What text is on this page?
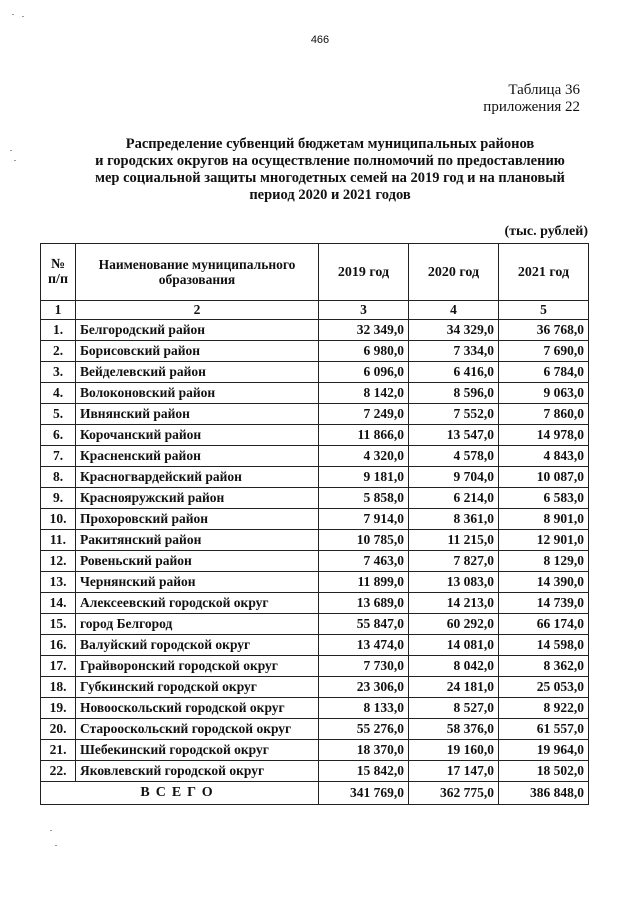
466
Таблица 36
приложения 22
Распределение субвенций бюджетам муниципальных районов
и городских округов на осуществление полномочий по предоставлению
мер социальной защиты многодетных семей на 2019 год и на плановый
период 2020 и 2021 годов
(тыс. рублей)
№ п/п	Наименование муниципального образования	2019 год	2020 год	2021 год
1	2	3	4	5
1.	Белгородский район	32 349,0	34 329,0	36 768,0
2.	Борисовский район	6 980,0	7 334,0	7 690,0
3.	Вейделевский район	6 096,0	6 416,0	6 784,0
4.	Волоконовский район	8 142,0	8 596,0	9 063,0
5.	Ивнянский район	7 249,0	7 552,0	7 860,0
6.	Корочанский район	11 866,0	13 547,0	14 978,0
7.	Красненский район	4 320,0	4 578,0	4 843,0
8.	Красногвардейский район	9 181,0	9 704,0	10 087,0
9.	Краснояружский район	5 858,0	6 214,0	6 583,0
10.	Прохоровский район	7 914,0	8 361,0	8 901,0
11.	Ракитянский район	10 785,0	11 215,0	12 901,0
12.	Ровеньский район	7 463,0	7 827,0	8 129,0
13.	Чернянский район	11 899,0	13 083,0	14 390,0
14.	Алексеевский городской округ	13 689,0	14 213,0	14 739,0
15.	город Белгород	55 847,0	60 292,0	66 174,0
16.	Валуйский городской округ	13 474,0	14 081,0	14 598,0
17.	Грайворонский городской округ	7 730,0	8 042,0	8 362,0
18.	Губкинский городской округ	23 306,0	24 181,0	25 053,0
19.	Новооскольский городской округ	8 133,0	8 527,0	8 922,0
20.	Старооскольский городской округ	55 276,0	58 376,0	61 557,0
21.	Шебекинский городской округ	18 370,0	19 160,0	19 964,0
22.	Яковлевский городской округ	15 842,0	17 147,0	18 502,0
ВСЕГО		341 769,0	362 775,0	386 848,0
